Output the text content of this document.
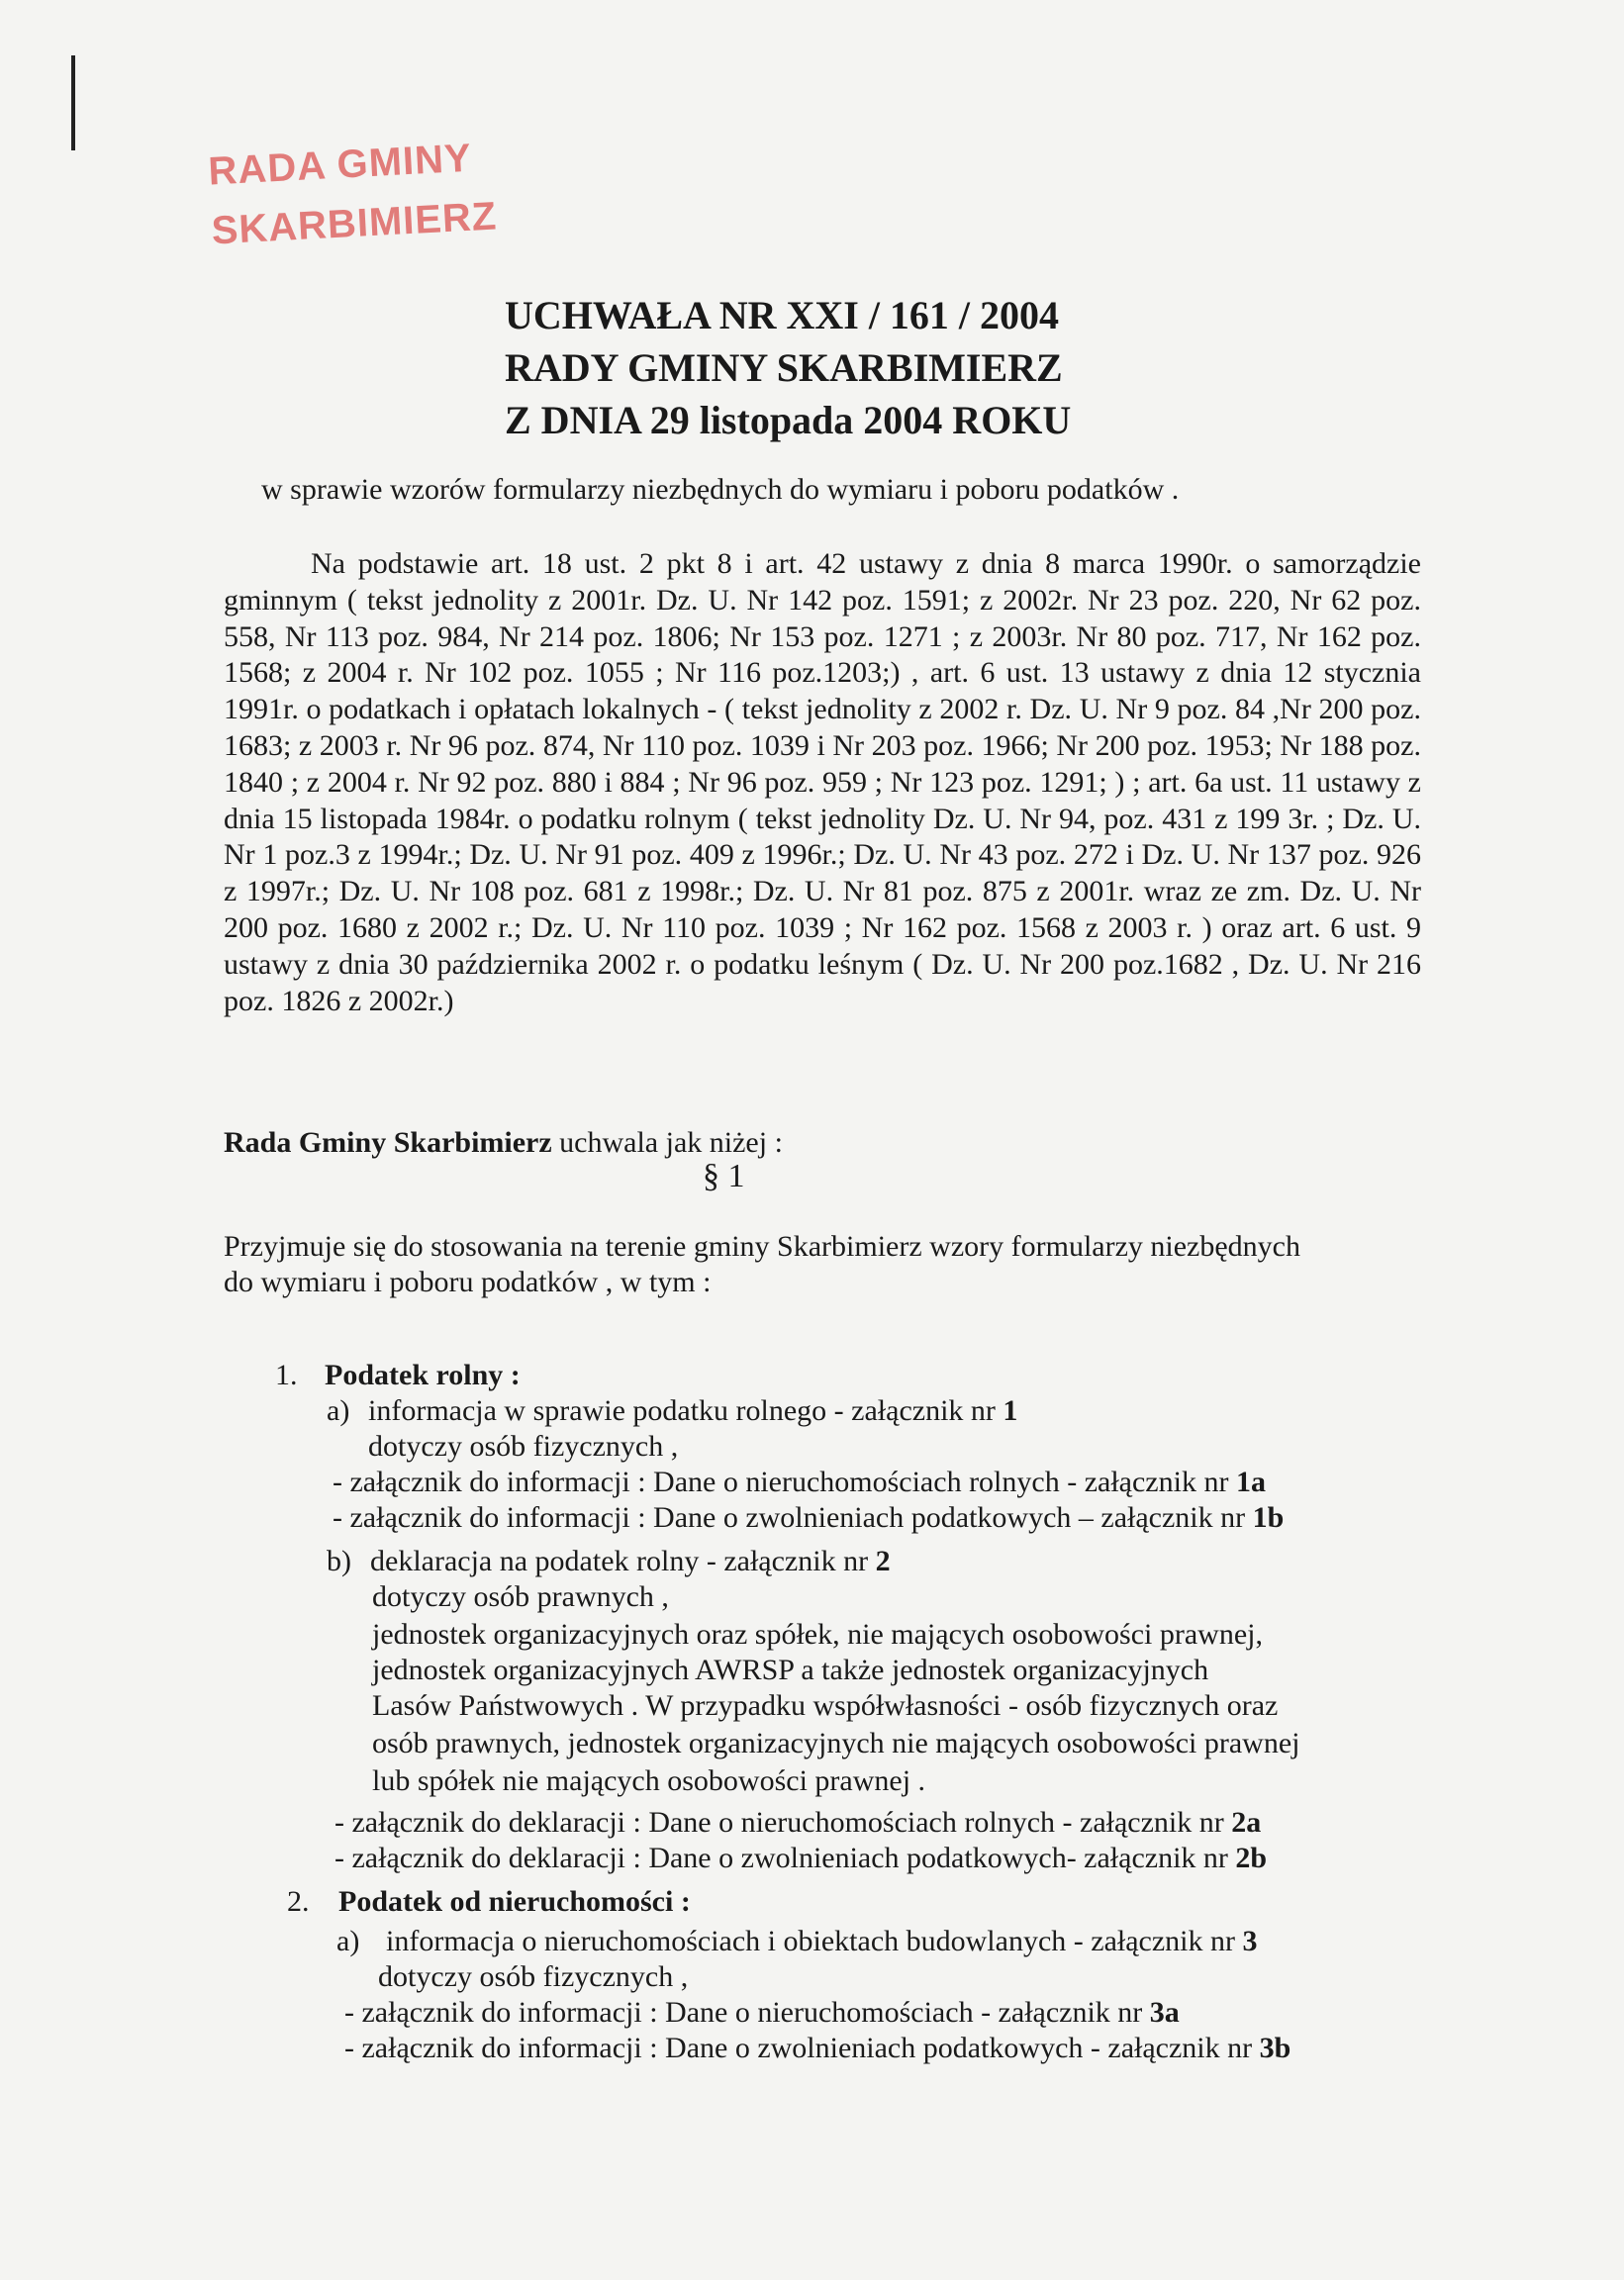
RADA GMINY
SKARBIMIERZ
UCHWAŁA NR XXI / 161 / 2004
RADY GMINY SKARBIMIERZ
Z DNIA 29 listopada 2004 ROKU
w sprawie wzorów formularzy niezbędnych do wymiaru i poboru podatków .
Na podstawie art. 18 ust. 2 pkt 8 i art. 42 ustawy z dnia 8 marca 1990r. o samorządzie gminnym ( tekst jednolity z 2001r. Dz. U. Nr 142 poz. 1591; z 2002r. Nr 23 poz. 220, Nr 62 poz. 558, Nr 113 poz. 984, Nr 214 poz. 1806; Nr 153 poz. 1271 ; z 2003r. Nr 80 poz. 717, Nr 162 poz. 1568; z 2004 r. Nr 102 poz. 1055 ; Nr 116 poz.1203;) , art. 6 ust. 13 ustawy z dnia 12 stycznia 1991r. o podatkach i opłatach lokalnych - ( tekst jednolity z 2002 r. Dz. U. Nr 9 poz. 84 ,Nr 200 poz. 1683; z 2003 r. Nr 96 poz. 874, Nr 110 poz. 1039 i Nr 203 poz. 1966; Nr 200 poz. 1953; Nr 188 poz. 1840 ; z 2004 r. Nr 92 poz. 880 i 884 ; Nr 96 poz. 959 ; Nr 123 poz. 1291; ) ; art. 6a ust. 11 ustawy z dnia 15 listopada 1984r. o podatku rolnym ( tekst jednolity Dz. U. Nr 94, poz. 431 z 199 3r. ; Dz. U. Nr 1 poz.3 z 1994r.; Dz. U. Nr 91 poz. 409 z 1996r.; Dz. U. Nr 43 poz. 272 i Dz. U. Nr 137 poz. 926 z 1997r.; Dz. U. Nr 108 poz. 681 z 1998r.; Dz. U. Nr 81 poz. 875 z 2001r. wraz ze zm. Dz. U. Nr 200 poz. 1680 z 2002 r.; Dz. U. Nr 110 poz. 1039 ; Nr 162 poz. 1568 z 2003 r. ) oraz art. 6 ust. 9 ustawy z dnia 30 października 2002 r. o podatku leśnym ( Dz. U. Nr 200 poz.1682 , Dz. U. Nr 216 poz. 1826 z 2002r.)
Rada Gminy Skarbimierz uchwala jak niżej :
§ 1
Przyjmuje się do stosowania na terenie gminy Skarbimierz wzory formularzy niezbędnych do wymiaru i poboru podatków , w tym :
1. Podatek rolny :
a) informacja w sprawie podatku rolnego - załącznik nr 1
dotyczy osób fizycznych ,
- załącznik do informacji : Dane o nieruchomościach rolnych - załącznik nr 1a
- załącznik do informacji : Dane o zwolnieniach podatkowych – załącznik nr 1b
b) deklaracja na podatek rolny - załącznik nr 2
dotyczy osób prawnych ,
jednostek organizacyjnych oraz spółek, nie mających osobowości prawnej,
jednostek organizacyjnych AWRSP a także jednostek organizacyjnych
Lasów Państwowych . W przypadku współwłasności - osób fizycznych oraz
osób prawnych, jednostek organizacyjnych nie mających osobowości prawnej
lub spółek nie mających osobowości prawnej .
- załącznik do deklaracji : Dane o nieruchomościach rolnych - załącznik nr 2a
- załącznik do deklaracji : Dane o zwolnieniach podatkowych- załącznik nr 2b
2. Podatek od nieruchomości :
a) informacja o nieruchomościach i obiektach budowlanych - załącznik nr 3
dotyczy osób fizycznych ,
- załącznik do informacji : Dane o nieruchomościach - załącznik nr 3a
- załącznik do informacji : Dane o zwolnieniach podatkowych - załącznik nr 3b
